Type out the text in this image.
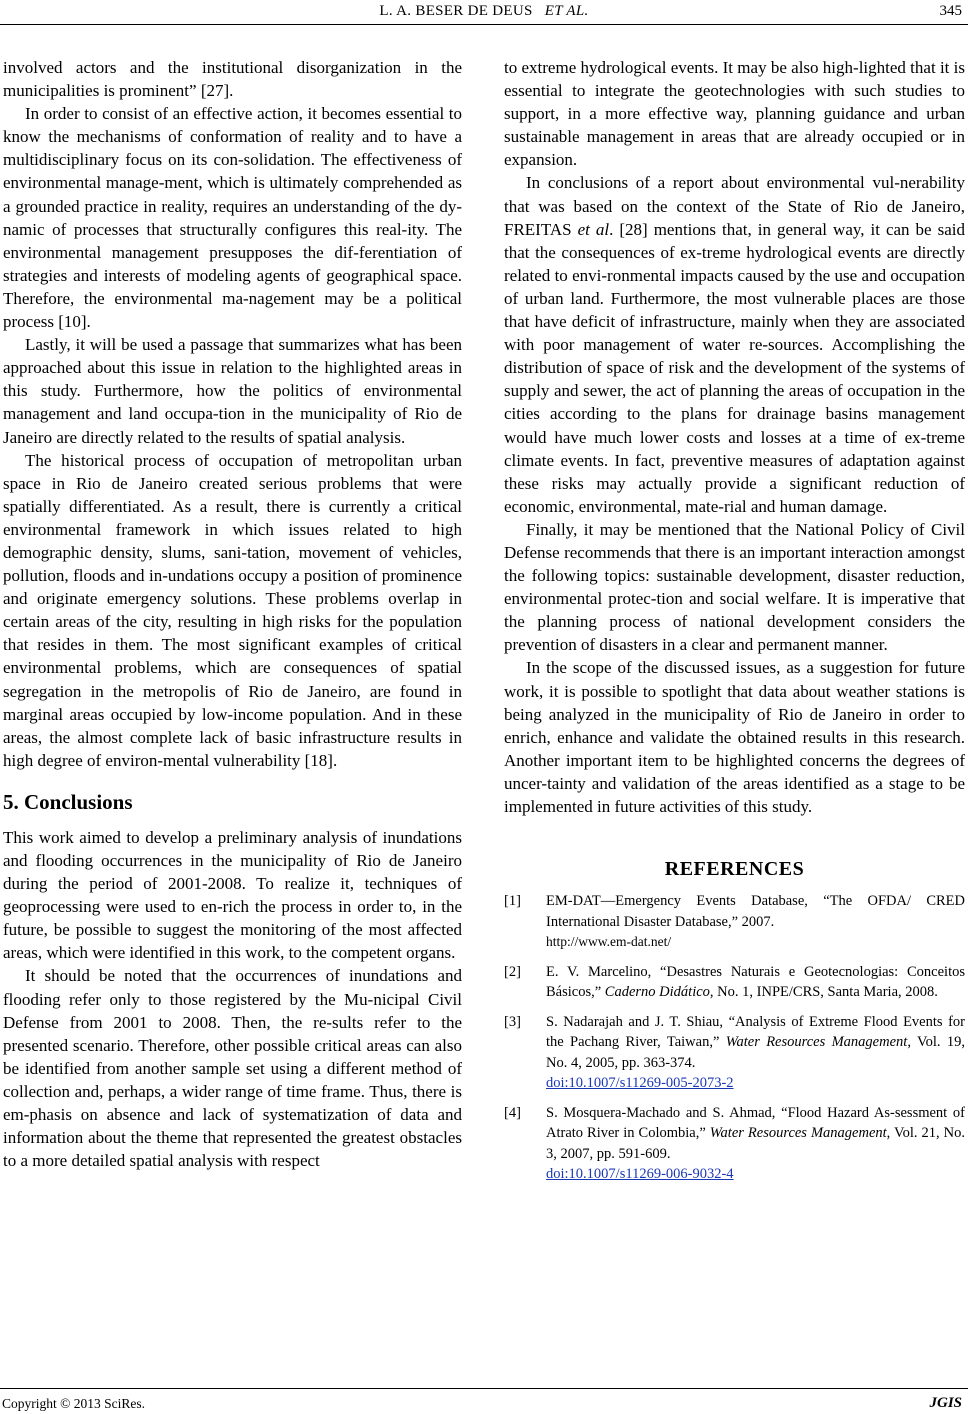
L. A. BESER DE DEUS ET AL.	345

involved actors and the institutional disorganization in the municipalities is prominent” [27].

In order to consist of an effective action, it becomes essential to know the mechanisms of conformation of reality and to have a multidisciplinary focus on its con-solidation. The effectiveness of environmental manage-ment, which is ultimately comprehended as a grounded practice in reality, requires an understanding of the dy-namic of processes that structurally configures this real-ity. The environmental management presupposes the dif-ferentiation of strategies and interests of modeling agents of geographical space. Therefore, the environmental ma-nagement may be a political process [10].

Lastly, it will be used a passage that summarizes what has been approached about this issue in relation to the highlighted areas in this study. Furthermore, how the politics of environmental management and land occupa-tion in the municipality of Rio de Janeiro are directly related to the results of spatial analysis.

The historical process of occupation of metropolitan urban space in Rio de Janeiro created serious problems that were spatially differentiated. As a result, there is currently a critical environmental framework in which issues related to high demographic density, slums, sani-tation, movement of vehicles, pollution, floods and in-undations occupy a position of prominence and originate emergency solutions. These problems overlap in certain areas of the city, resulting in high risks for the population that resides in them. The most significant examples of critical environmental problems, which are consequences of spatial segregation in the metropolis of Rio de Janeiro, are found in marginal areas occupied by low-income population. And in these areas, the almost complete lack of basic infrastructure results in high degree of environ-mental vulnerability [18].

5. Conclusions

This work aimed to develop a preliminary analysis of inundations and flooding occurrences in the municipality of Rio de Janeiro during the period of 2001-2008. To realize it, techniques of geoprocessing were used to en-rich the process in order to, in the future, be possible to suggest the monitoring of the most affected areas, which were identified in this work, to the competent organs.

It should be noted that the occurrences of inundations and flooding refer only to those registered by the Mu-nicipal Civil Defense from 2001 to 2008. Then, the re-sults refer to the presented scenario. Therefore, other possible critical areas can also be identified from another sample set using a different method of collection and, perhaps, a wider range of time frame. Thus, there is em-phasis on absence and lack of systematization of data and information about the theme that represented the greatest obstacles to a more detailed spatial analysis with respect

to extreme hydrological events. It may be also high-lighted that it is essential to integrate the geotechnologies with such studies to support, in a more effective way, planning guidance and urban sustainable management in areas that are already occupied or in expansion.

In conclusions of a report about environmental vul-nerability that was based on the context of the State of Rio de Janeiro, FREITAS et al. [28] mentions that, in general way, it can be said that the consequences of ex-treme hydrological events are directly related to envi-ronmental impacts caused by the use and occupation of urban land. Furthermore, the most vulnerable places are those that have deficit of infrastructure, mainly when they are associated with poor management of water re-sources. Accomplishing the distribution of space of risk and the development of the systems of supply and sewer, the act of planning the areas of occupation in the cities according to the plans for drainage basins management would have much lower costs and losses at a time of ex-treme climate events. In fact, preventive measures of adaptation against these risks may actually provide a significant reduction of economic, environmental, mate-rial and human damage.

Finally, it may be mentioned that the National Policy of Civil Defense recommends that there is an important interaction amongst the following topics: sustainable development, disaster reduction, environmental protec-tion and social welfare. It is imperative that the planning process of national development considers the prevention of disasters in a clear and permanent manner.

In the scope of the discussed issues, as a suggestion for future work, it is possible to spotlight that data about weather stations is being analyzed in the municipality of Rio de Janeiro in order to enrich, enhance and validate the obtained results in this research. Another important item to be highlighted concerns the degrees of uncer-tainty and validation of the areas identified as a stage to be implemented in future activities of this study.

REFERENCES
[1]	EM-DAT—Emergency Events Database, “The OFDA/ CRED International Disaster Database,” 2007.
http://www.em-dat.net/
[2]	E. V. Marcelino, “Desastres Naturais e Geotecnologias: Conceitos Básicos,” Caderno Didático, No. 1, INPE/CRS, Santa Maria, 2008.
[3]	S. Nadarajah and J. T. Shiau, “Analysis of Extreme Flood Events for the Pachang River, Taiwan,” Water Resources Management, Vol. 19, No. 4, 2005, pp. 363-374.
doi:10.1007/s11269-005-2073-2
[4]	S. Mosquera-Machado and S. Ahmad, “Flood Hazard As-sessment of Atrato River in Colombia,” Water Resources Management, Vol. 21, No. 3, 2007, pp. 591-609.
doi:10.1007/s11269-006-9032-4
Copyright © 2013 SciRes.	JGIS
